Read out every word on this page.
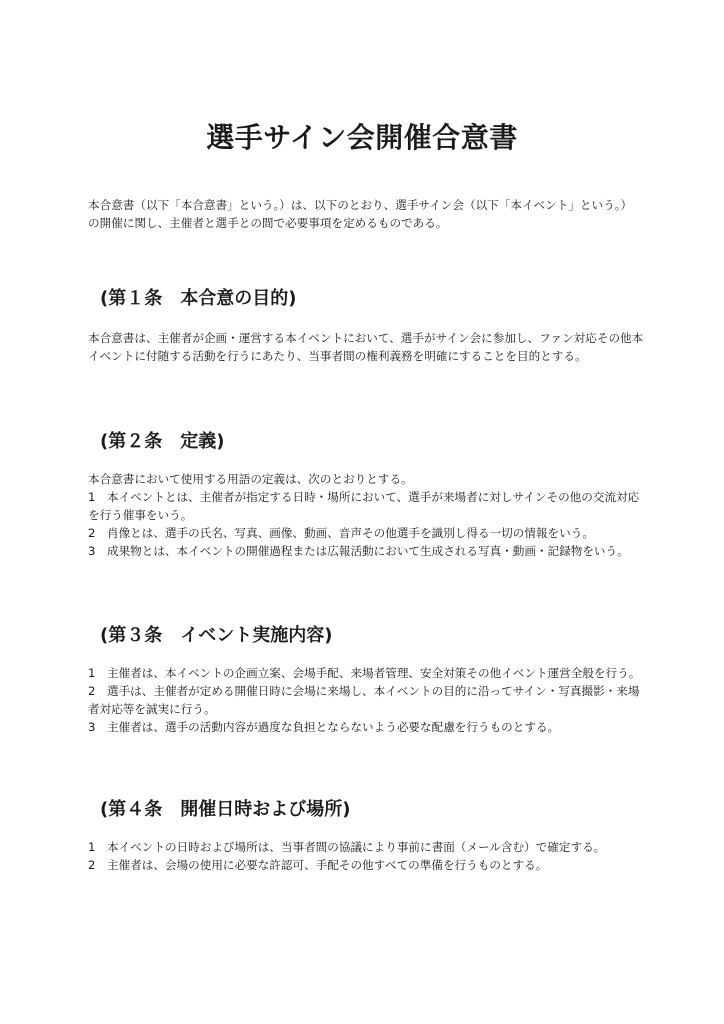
選手サイン会開催合意書

本合意書（以下「本合意書」という。）は、以下のとおり、選手サイン会（以下「本イベント」という。）の開催に関し、主催者と選手との間で必要事項を定めるものである。

(第１条　本合意の目的)

本合意書は、主催者が企画・運営する本イベントにおいて、選手がサイン会に参加し、ファン対応その他本イベントに付随する活動を行うにあたり、当事者間の権利義務を明確にすることを目的とする。

(第２条　定義)

本合意書において使用する用語の定義は、次のとおりとする。

1　本イベントとは、主催者が指定する日時・場所において、選手が来場者に対しサインその他の交流対応を行う催事をいう。

2　肖像とは、選手の氏名、写真、画像、動画、音声その他選手を識別し得る一切の情報をいう。

3　成果物とは、本イベントの開催過程または広報活動において生成される写真・動画・記録物をいう。

(第３条　イベント実施内容)

1　主催者は、本イベントの企画立案、会場手配、来場者管理、安全対策その他イベント運営全般を行う。

2　選手は、主催者が定める開催日時に会場に来場し、本イベントの目的に沿ってサイン・写真撮影・来場者対応等を誠実に行う。

3　主催者は、選手の活動内容が過度な負担とならないよう必要な配慮を行うものとする。

(第４条　開催日時および場所)

1　本イベントの日時および場所は、当事者間の協議により事前に書面（メール含む）で確定する。

2　主催者は、会場の使用に必要な許認可、手配その他すべての準備を行うものとする。
